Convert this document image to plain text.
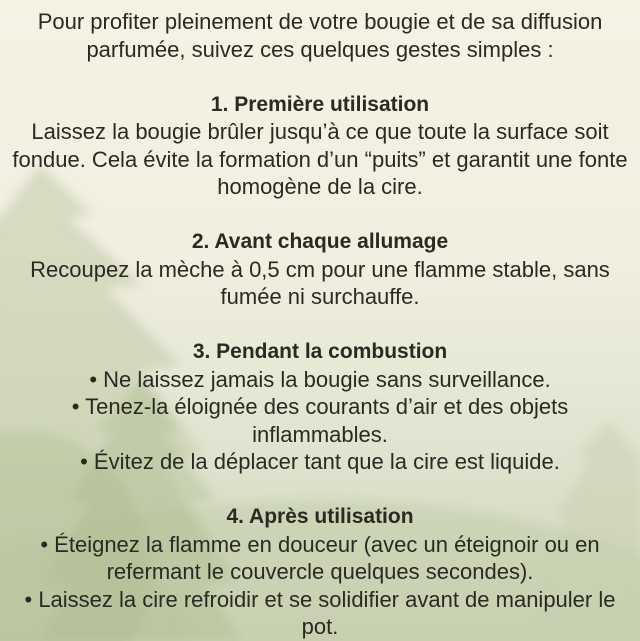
Pour profiter pleinement de votre bougie et de sa diffusion

parfumée, suivez ces quelques gestes simples :

1. Première utilisation

Laissez la bougie brûler jusqu’à ce que toute la surface soit

fondue. Cela évite la formation d’un “puits” et garantit une fonte

homogène de la cire.

2. Avant chaque allumage

Recoupez la mèche à 0,5 cm pour une flamme stable, sans

fumée ni surchauffe.

3. Pendant la combustion

• Ne laissez jamais la bougie sans surveillance.

• Tenez-la éloignée des courants d’air et des objets

inflammables.

• Évitez de la déplacer tant que la cire est liquide.

4. Après utilisation

• Éteignez la flamme en douceur (avec un éteignoir ou en

refermant le couvercle quelques secondes).

• Laissez la cire refroidir et se solidifier avant de manipuler le

pot.
